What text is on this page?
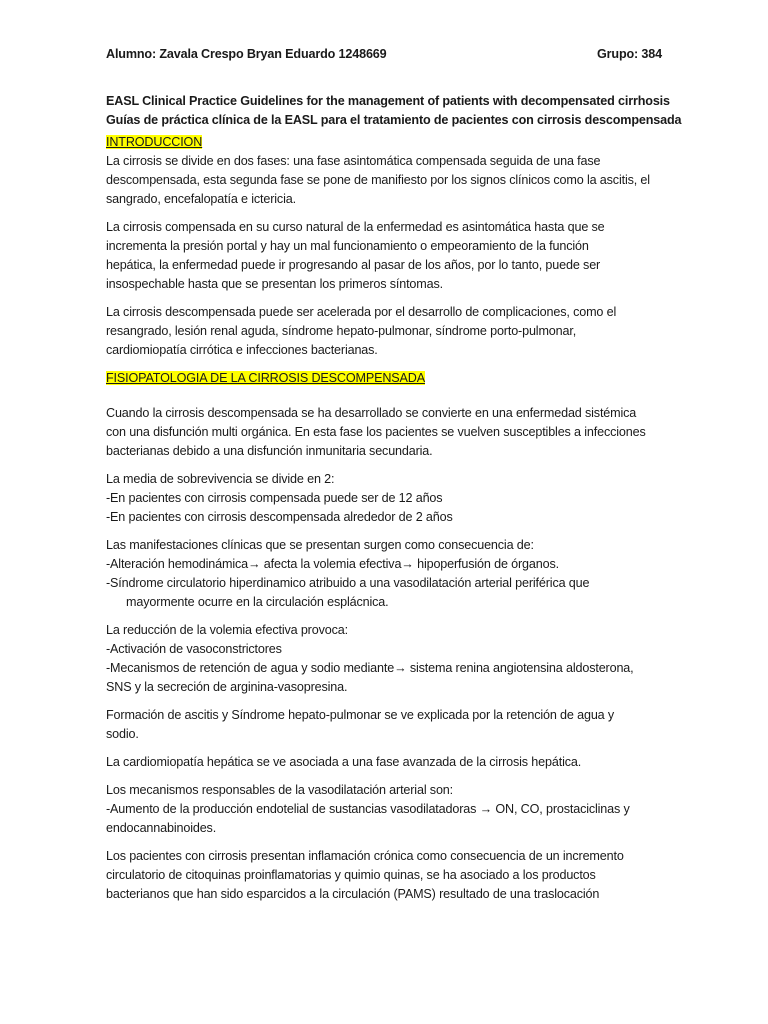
Alumno: Zavala Crespo Bryan Eduardo 1248669	Grupo: 384
EASL Clinical Practice Guidelines for the management of patients with decompensated cirrhosis
Guías de práctica clínica de la EASL para el tratamiento de pacientes con cirrosis descompensada

INTRODUCCION

La cirrosis se divide en dos fases: una fase asintomática compensada seguida de una fase
descompensada, esta segunda fase se pone de manifiesto por los signos clínicos como la ascitis, el
sangrado, encefalopatía e ictericia.

La cirrosis compensada en su curso natural de la enfermedad es asintomática hasta que se
incrementa la presión portal y hay un mal funcionamiento o empeoramiento de la función
hepática, la enfermedad puede ir progresando al pasar de los años, por lo tanto, puede ser
insospechable hasta que se presentan los primeros síntomas.

La cirrosis descompensada puede ser acelerada por el desarrollo de complicaciones, como el
resangrado, lesión renal aguda, síndrome hepato-pulmonar, síndrome porto-pulmonar,
cardiomiopatía cirrótica e infecciones bacterianas.

FISIOPATOLOGIA DE LA CIRROSIS DESCOMPENSADA

Cuando la cirrosis descompensada se ha desarrollado se convierte en una enfermedad sistémica
con una disfunción multi orgánica. En esta fase los pacientes se vuelven susceptibles a infecciones
bacterianas debido a una disfunción inmunitaria secundaria.

La media de sobrevivencia se divide en 2:
-En pacientes con cirrosis compensada puede ser de 12 años
-En pacientes con cirrosis descompensada alrededor de 2 años

Las manifestaciones clínicas que se presentan surgen como consecuencia de:
-Alteración hemodinámica→ afecta la volemia efectiva→ hipoperfusión de órganos.
-Síndrome circulatorio hiperdinamico atribuido a una vasodilatación arterial periférica que
mayormente ocurre en la circulación esplácnica.

La reducción de la volemia efectiva provoca:
-Activación de vasoconstrictores
-Mecanismos de retención de agua y sodio mediante→ sistema renina angiotensina aldosterona,
SNS y la secreción de arginina-vasopresina.

Formación de ascitis y Síndrome hepato-pulmonar se ve explicada por la retención de agua y
sodio.

La cardiomiopatía hepática se ve asociada a una fase avanzada de la cirrosis hepática.

Los mecanismos responsables de la vasodilatación arterial son:
-Aumento de la producción endotelial de sustancias vasodilatadoras → ON, CO, prostaciclinas y
endocannabinoides.

Los pacientes con cirrosis presentan inflamación crónica como consecuencia de un incremento
circulatorio de citoquinas proinflamatorias y quimio quinas, se ha asociado a los productos
bacterianos que han sido esparcidos a la circulación (PAMS) resultado de una traslocación
